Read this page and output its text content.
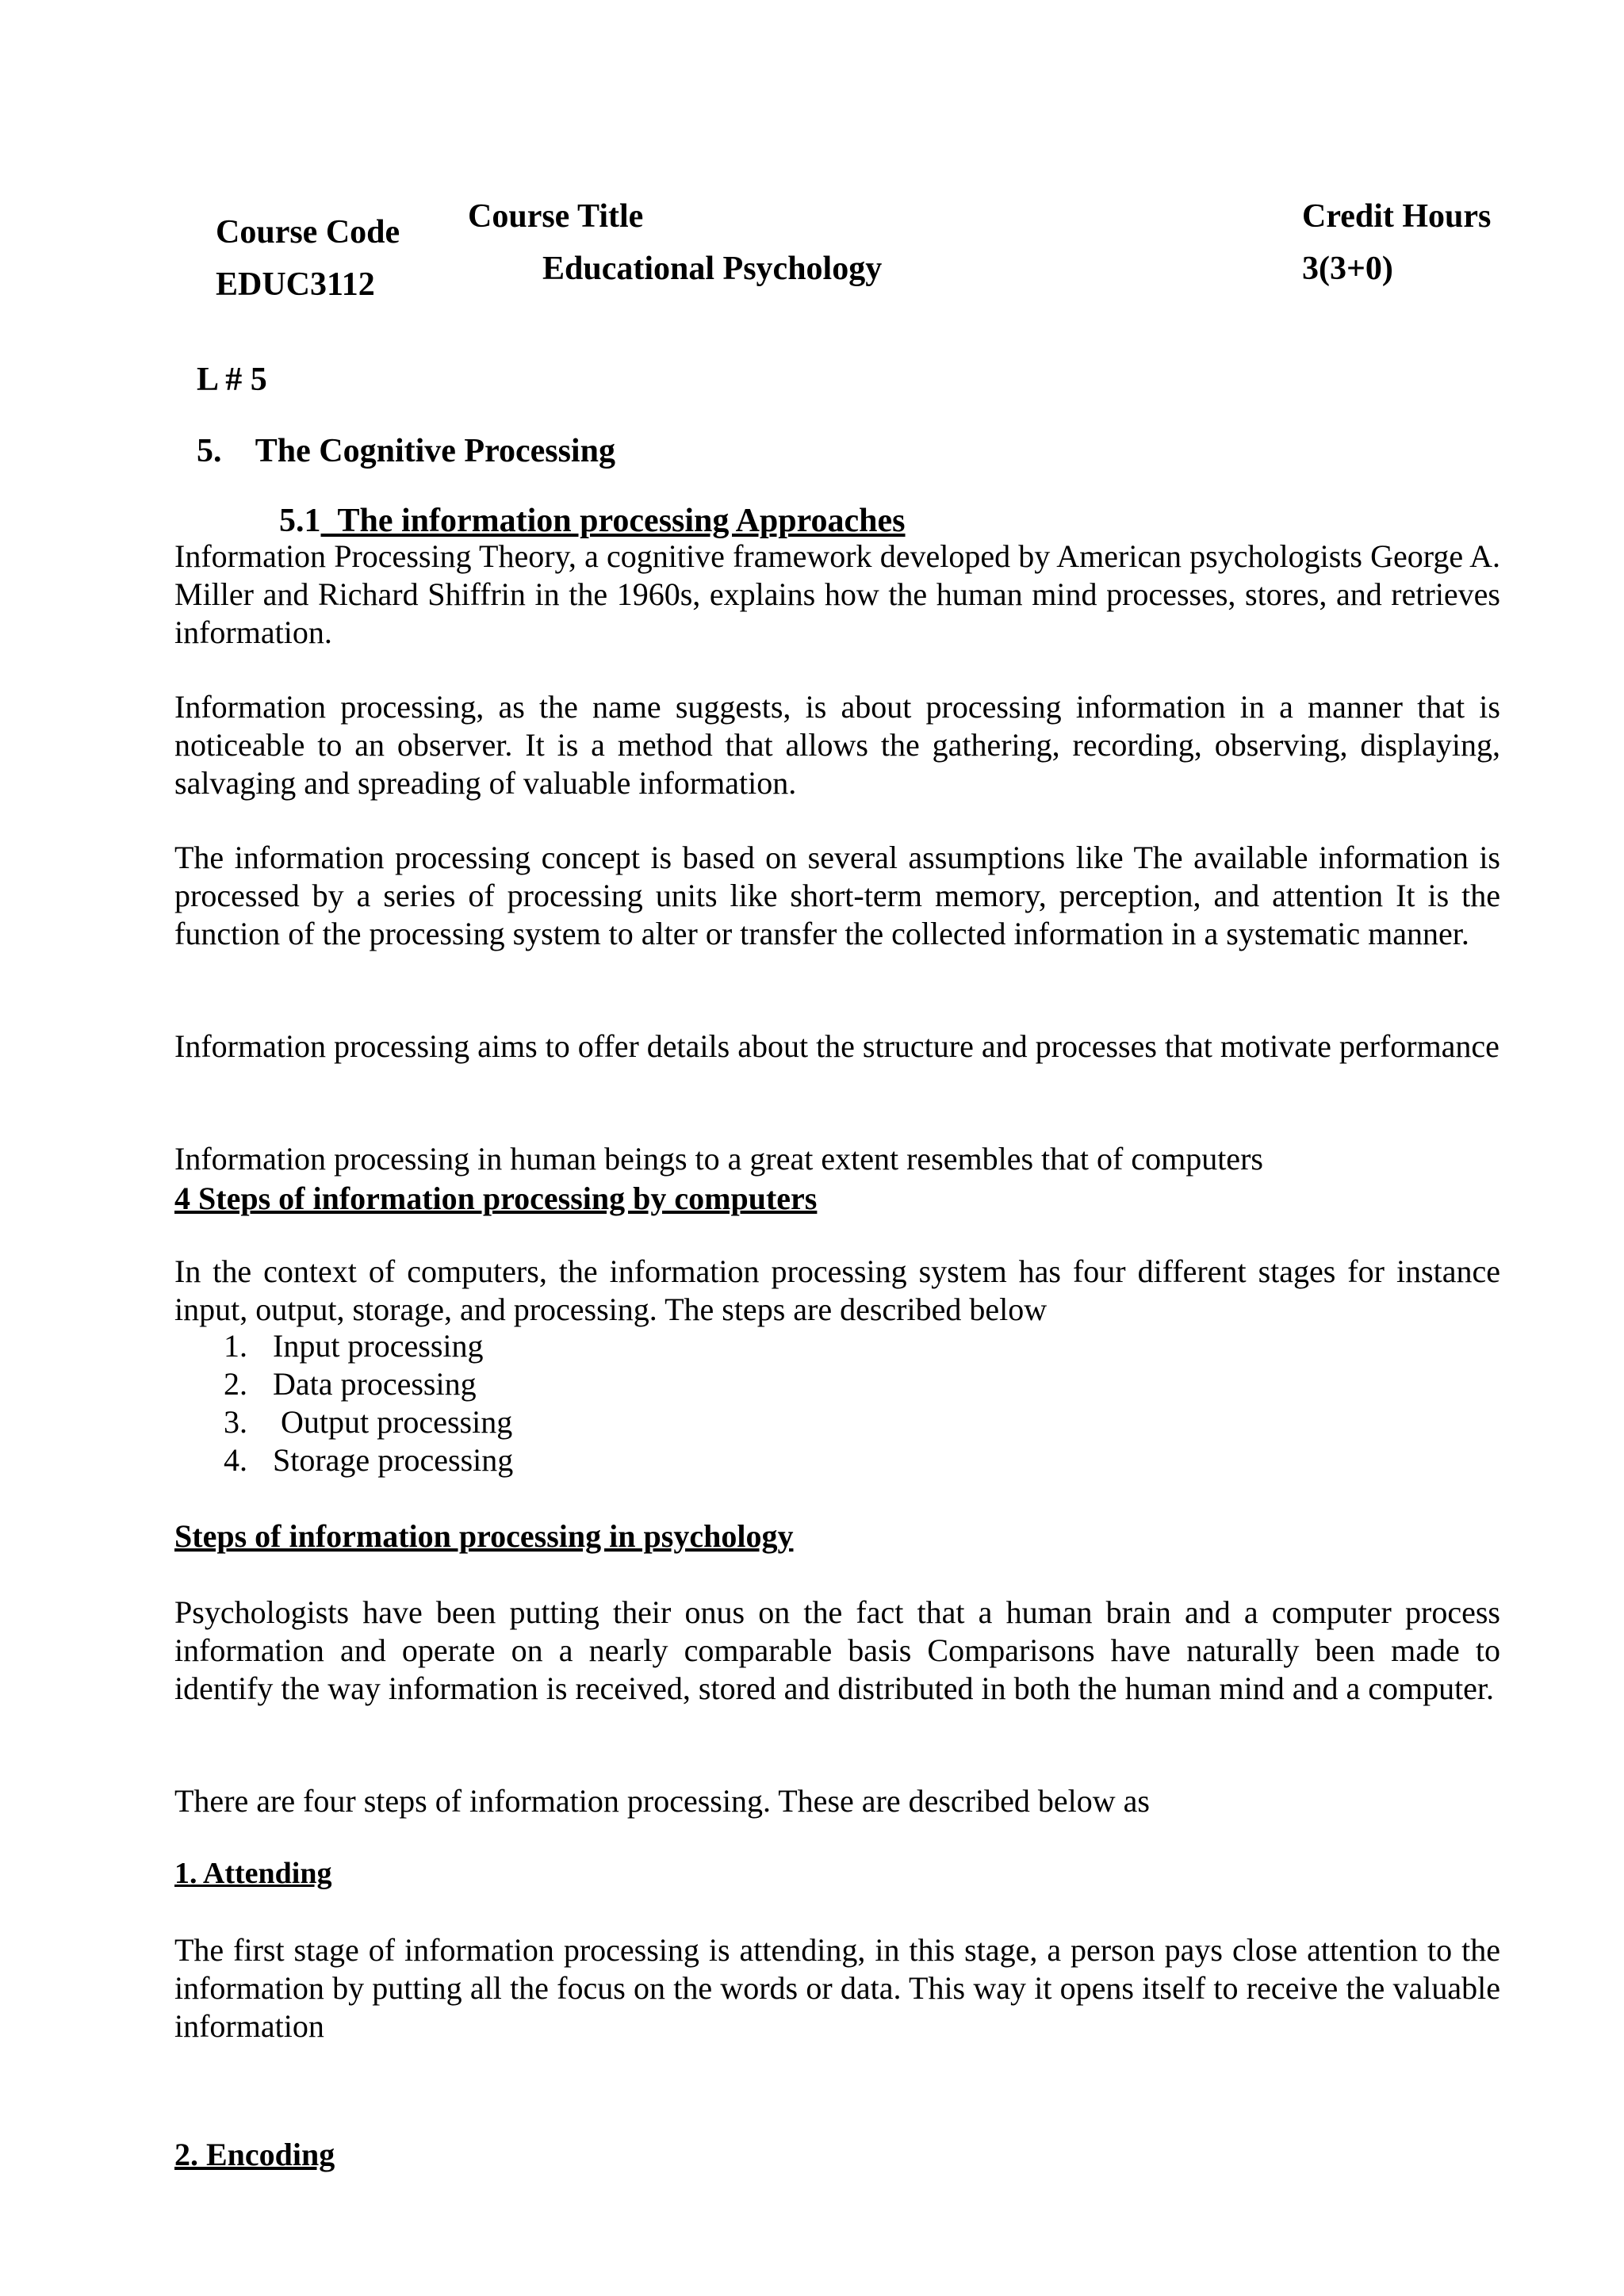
Course Code
EDUC3112
Course Title
Educational Psychology
Credit Hours
3(3+0)
L # 5
5. The Cognitive Processing
5.1 The information processing Approaches

Information Processing Theory, a cognitive framework developed by American psychologists George A. Miller and Richard Shiffrin in the 1960s, explains how the human mind processes, stores, and retrieves information.

Information processing, as the name suggests, is about processing information in a manner that is noticeable to an observer. It is a method that allows the gathering, recording, observing, displaying, salvaging and spreading of valuable information.

The information processing concept is based on several assumptions like The available information is processed by a series of processing units like short-term memory, perception, and attention It is the function of the processing system to alter or transfer the collected information in a systematic manner.

Information processing aims to offer details about the structure and processes that motivate performance

Information processing in human beings to a great extent resembles that of computers

4 Steps of information processing by computers

In the context of computers, the information processing system has four different stages for instance input, output, storage, and processing. The steps are described below

1. Input processing
2. Data processing
3. Output processing
4. Storage processing
Steps of information processing in psychology

Psychologists have been putting their onus on the fact that a human brain and a computer process information and operate on a nearly comparable basis Comparisons have naturally been made to identify the way information is received, stored and distributed in both the human mind and a computer.

There are four steps of information processing. These are described below as

1. Attending

The first stage of information processing is attending, in this stage, a person pays close attention to the information by putting all the focus on the words or data. This way it opens itself to receive the valuable information

2. Encoding
